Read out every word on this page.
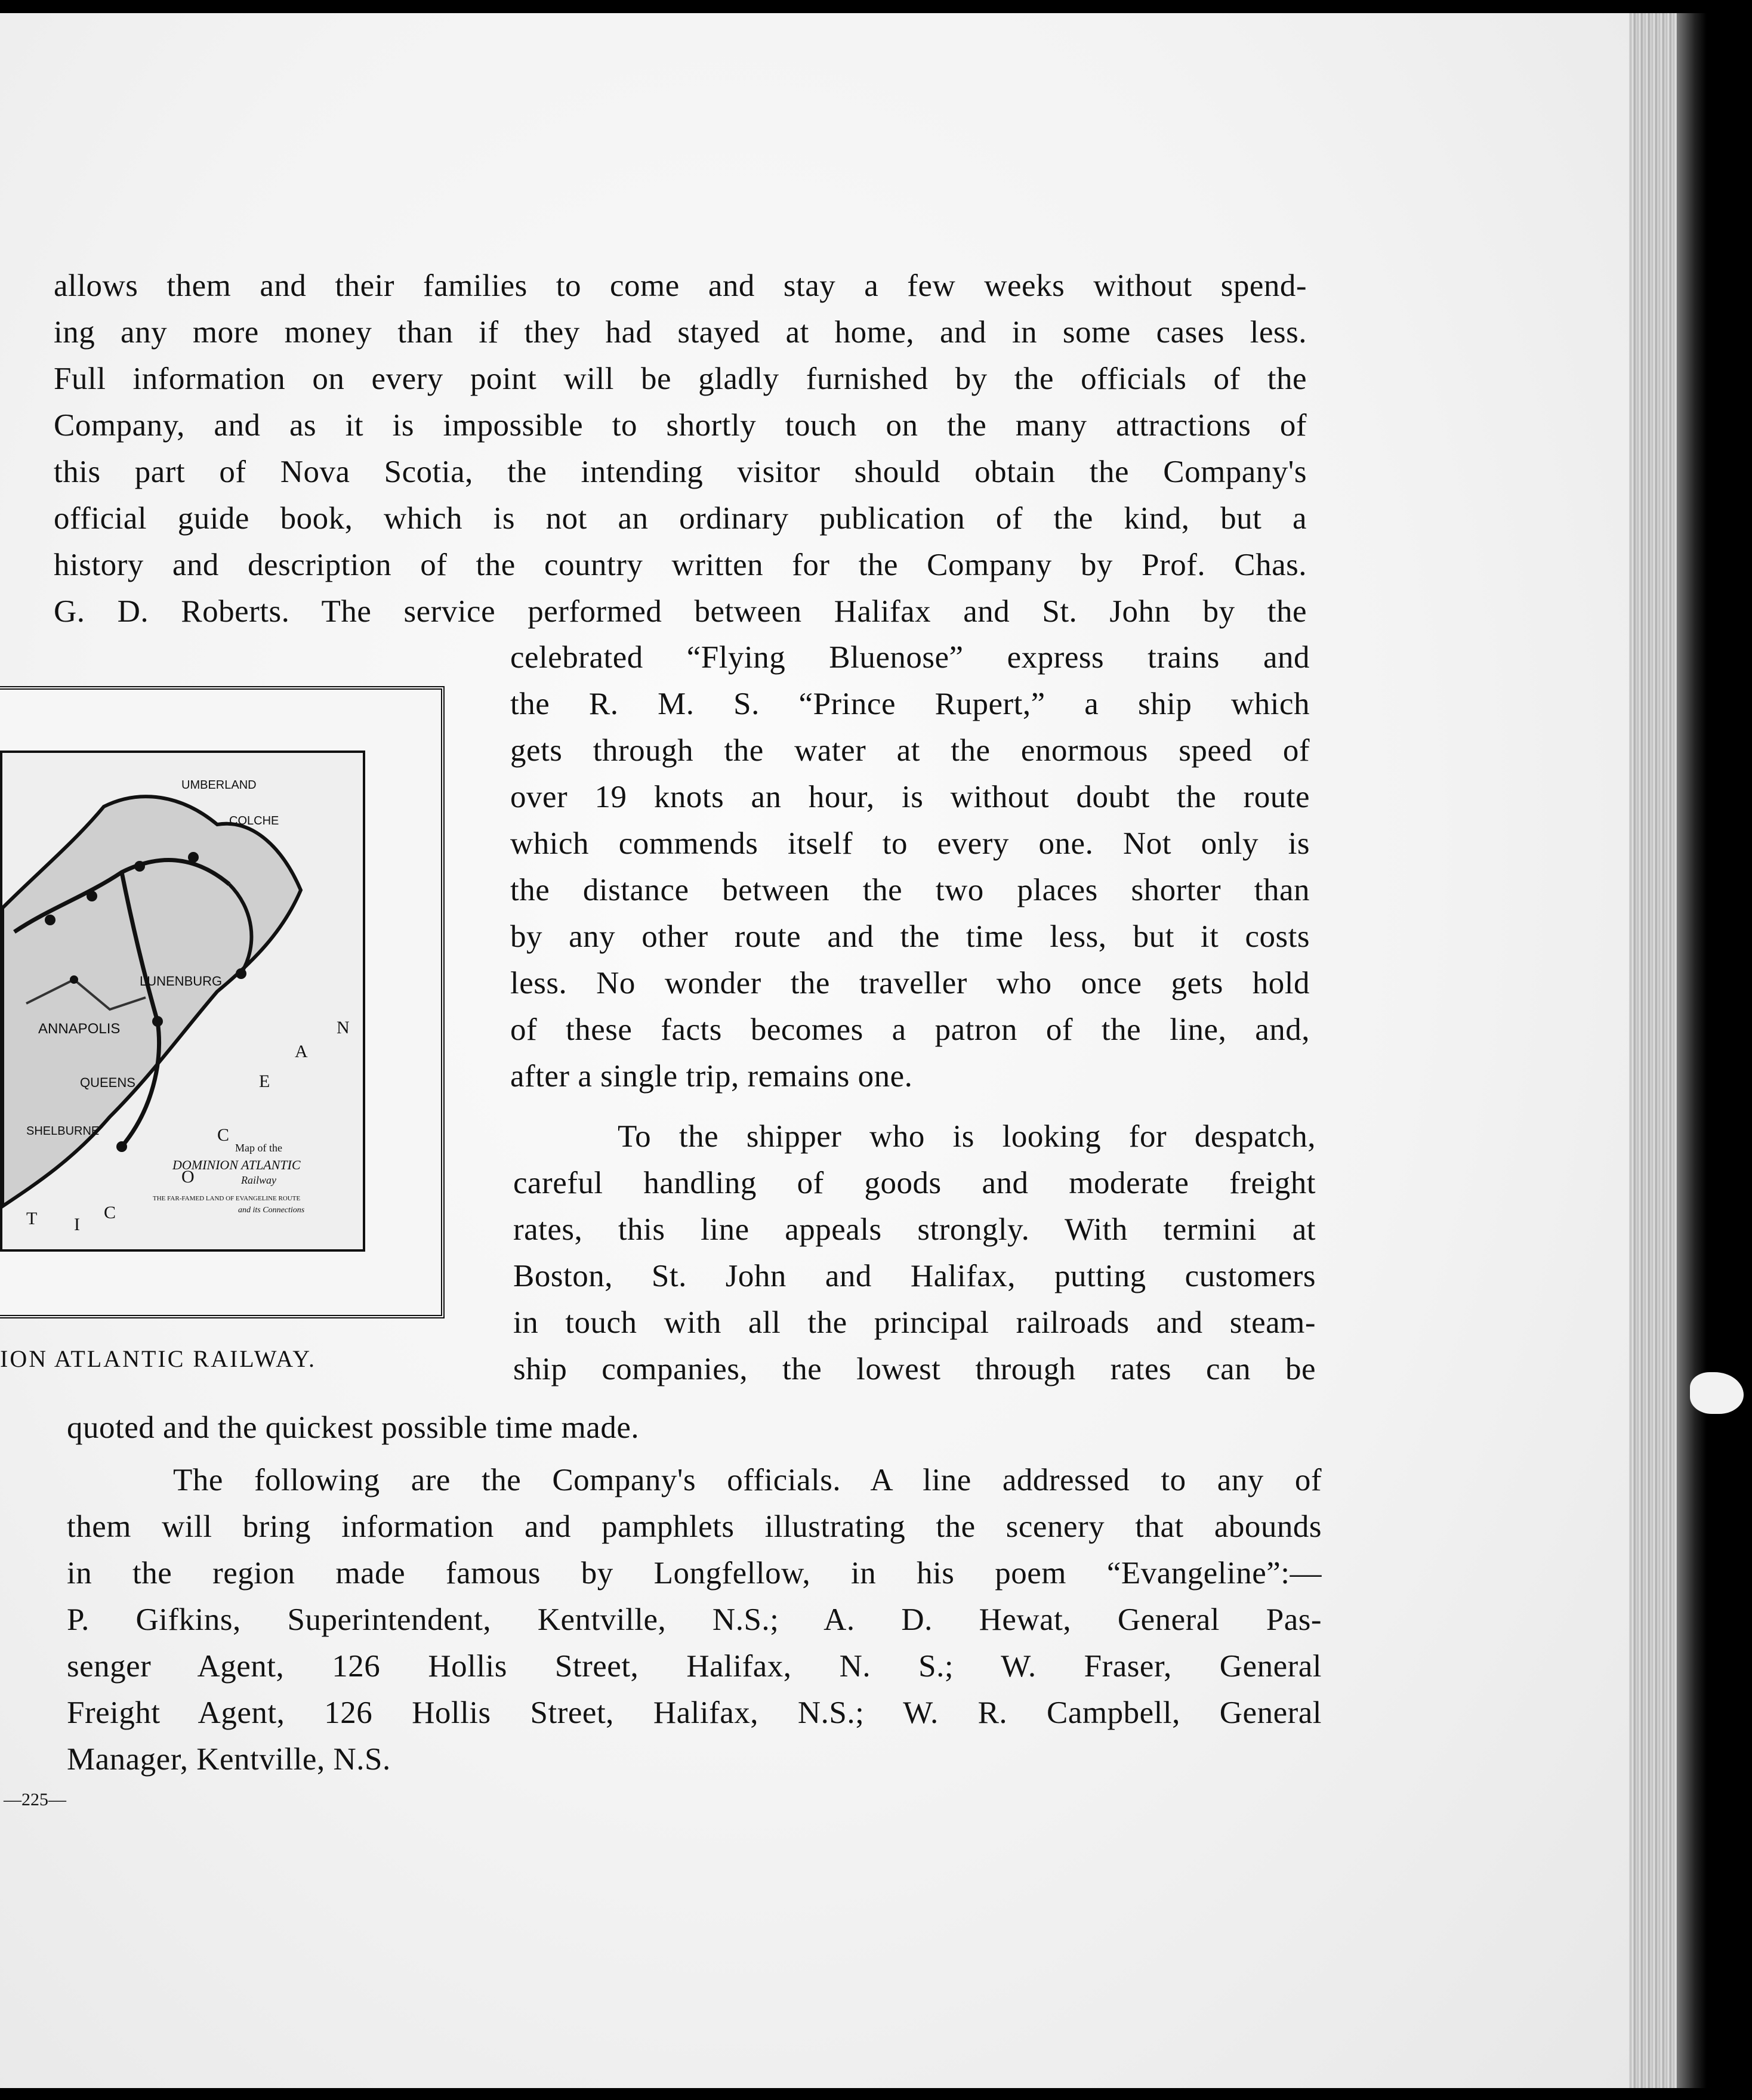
allows them and their families to come and stay a few weeks without spend-
ing any more money than if they had stayed at home, and in some cases less.
Full information on every point will be gladly furnished by the officials of the
Company, and as it is impossible to shortly touch on the many attractions of
this part of Nova Scotia, the intending visitor should obtain the Company's
official guide book, which is not an ordinary publication of the kind, but a
history and description of the country written for the Company by Prof. Chas.
G. D. Roberts. The service performed between Halifax and St. John by the
celebrated “Flying Bluenose” express trains and
the R. M. S. “Prince Rupert,” a ship which
gets through the water at the enormous speed of
over 19 knots an hour, is without doubt the route
which commends itself to every one. Not only is
the distance between the two places shorter than
by any other route and the time less, but it costs
less. No wonder the traveller who once gets hold
of these facts becomes a patron of the line, and,
after a single trip, remains one.
To the shipper who is looking for despatch,
careful handling of goods and moderate freight
rates, this line appeals strongly. With termini at
Boston, St. John and Halifax, putting customers
in touch with all the principal railroads and steam-
ship companies, the lowest through rates can be
quoted and the quickest possible time made.
The following are the Company's officials. A line addressed to any of
them will bring information and pamphlets illustrating the scenery that abounds
in the region made famous by Longfellow, in his poem “Evangeline”:—
P. Gifkins, Superintendent, Kentville, N.S.; A. D. Hewat, General Pas-
senger Agent, 126 Hollis Street, Halifax, N. S.; W. Fraser, General
Freight Agent, 126 Hollis Street, Halifax, N.S.; W. R. Campbell, General
Manager, Kentville, N.S.
UMBERLAND
COLCHE
ANNAPOLIS
LUNENBURG
QUEENS
SHELBURNE
O
C
E
A
N
T I
C
Map of the
DOMINION ATLANTIC
Railway
THE FAR-FAMED LAND OF EVANGELINE ROUTE
and its Connections
ION ATLANTIC RAILWAY.
—225—
